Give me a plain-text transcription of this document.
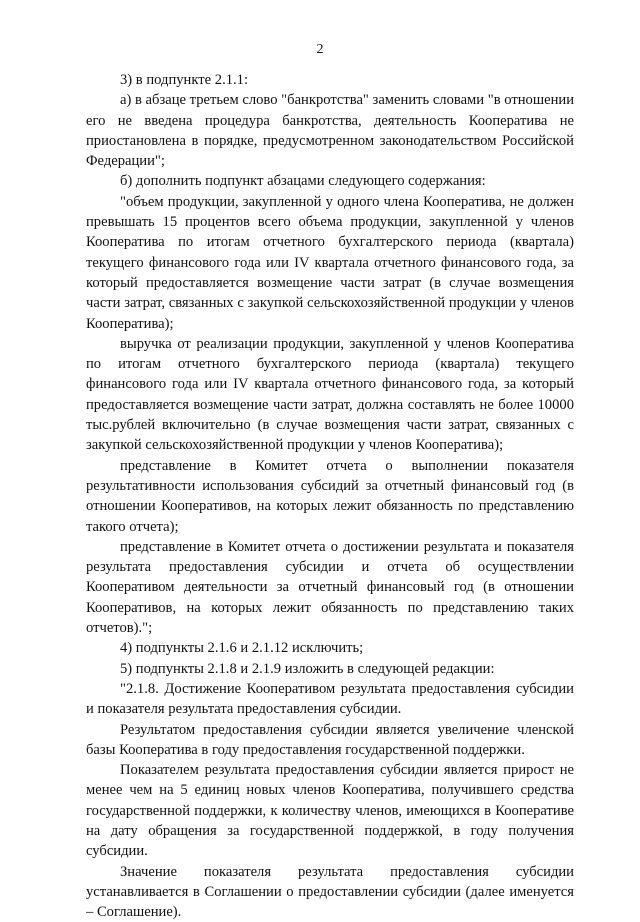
2

3) в подпункте 2.1.1:

а) в абзаце третьем слово "банкротства" заменить словами "в отношении его не введена процедура банкротства, деятельность Кооператива не приостановлена в порядке, предусмотренном законодательством Российской Федерации";

б) дополнить подпункт абзацами следующего содержания:

"объем продукции, закупленной у одного члена Кооператива, не должен превышать 15 процентов всего объема продукции, закупленной у членов Кооператива по итогам отчетного бухгалтерского периода (квартала) текущего финансового года или IV квартала отчетного финансового года, за который предоставляется возмещение части затрат (в случае возмещения части затрат, связанных с закупкой сельскохозяйственной продукции у членов Кооператива);

выручка от реализации продукции, закупленной у членов Кооператива по итогам отчетного бухгалтерского периода (квартала) текущего финансового года или IV квартала отчетного финансового года, за который предоставляется возмещение части затрат, должна составлять не более 10000 тыс.рублей включительно (в случае возмещения части затрат, связанных с закупкой сельскохозяйственной продукции у членов Кооператива);

представление в Комитет отчета о выполнении показателя результативности использования субсидий за отчетный финансовый год (в отношении Кооперативов, на которых лежит обязанность по представлению такого отчета);

представление в Комитет отчета о достижении результата и показателя результата предоставления субсидии и отчета об осуществлении Кооперативом деятельности за отчетный финансовый год (в отношении Кооперативов, на которых лежит обязанность по представлению таких отчетов).";

4) подпункты 2.1.6 и 2.1.12 исключить;

5) подпункты 2.1.8 и 2.1.9 изложить в следующей редакции:

"2.1.8. Достижение Кооперативом результата предоставления субсидии и показателя результата предоставления субсидии.

Результатом предоставления субсидии является увеличение членской базы Кооператива в году предоставления государственной поддержки.

Показателем результата предоставления субсидии является прирост не менее чем на 5 единиц новых членов Кооператива, получившего средства государственной поддержки, к количеству членов, имеющихся в Кооперативе на дату обращения за государственной поддержкой, в году получения субсидии.

Значение показателя результата предоставления субсидии устанавливается в Соглашении о предоставлении субсидии (далее именуется – Соглашение).
